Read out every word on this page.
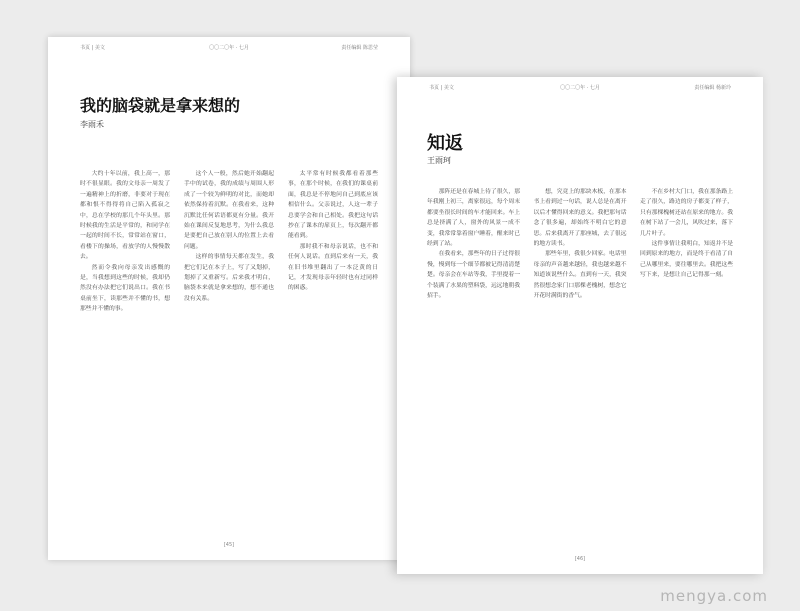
书页 | 美文	〇〇二〇年 · 七月	责任编辑 陈思莹
我的脑袋就是拿来想的
李雨禾

大约十年以前，我上高一，那时不很显眼。我的文母亲一周发了一遍精神上的折磨，非要对于现在都和恨不得得将自己陷入孤寂之中，总在学校的那几个年头里。那时候我的生活是平常的，和同学在一起的时间不长，常常站在窗口，看楼下的操场，看放学的人慢慢散去。

然而令我向母亲发出感慨的是，当我想到这些的时候，我却仍然没有办法把它们说出口。我在书桌前坐下，读那些并不懂的书，想那些并不懂的事。

这个人一般，然后她开始翻起手中的试卷，我的成绩与周围人形成了一个较为鲜明的对比，而她却依然保持着沉默。在我看来，这种沉默比任何话语都更有分量。我开始在课间反复地思考，为什么我总是要把自己放在别人的位置上去看问题。

这样的事情每天都在发生，我把它们记在本子上，写了又划掉，划掉了又重新写。后来我才明白，脑袋本来就是拿来想的，想不通也没有关系。

太平常有时候我都看着那些事，在那个时候，在我们的课桌前面，我总是不停地问自己到底应该相信什么。父亲说过，人这一辈子总要学会和自己相处。我把这句话抄在了课本的扉页上，每次翻开都能看到。

那时我不和母亲说话，也不和任何人说话。直到后来有一天，我在旧书堆里翻出了一本泛黄的日记，才发现母亲年轻时也有过同样的困惑。

[45]
书页 | 美文	〇〇二〇年 · 七月	责任编辑 杨新玲
知返
王雨珂

那阵还是在春城上待了很久，那年我刚上初三，离家很远，每个周末都要坐很长时间的车才能回来。车上总是挤满了人，窗外的风景一成不变，我常常靠着窗户睡着，醒来时已经到了站。

在我看来，那些年的日子过得很慢，慢到每一个细节都被记得清清楚楚。母亲会在车站等我，手里提着一个装满了水果的塑料袋，远远地朝我招手。

想，究竟上的那块木板，在那本书上看到过一句话，说人总是在离开以后才懂得回来的意义。我把那句话念了很多遍，却始终不明白它的意思。后来我离开了那座城，去了很远的地方读书。

那些年里，我很少回家。电话里母亲的声音越来越轻，我也越来越不知道该说些什么。直到有一天，我突然很想念家门口那棵老槐树，想念它开花时满街的香气。

不在乡村大门口，我在那条路上走了很久，路边的房子都变了样子，只有那棵槐树还站在原来的地方。我在树下站了一会儿，风吹过来，落下几片叶子。

这件事情让我明白，知返并不是回到原来的地方，而是终于看清了自己从哪里来，要往哪里去。我把这些写下来，是想让自己记得那一刻。

[46]
mengya.com
